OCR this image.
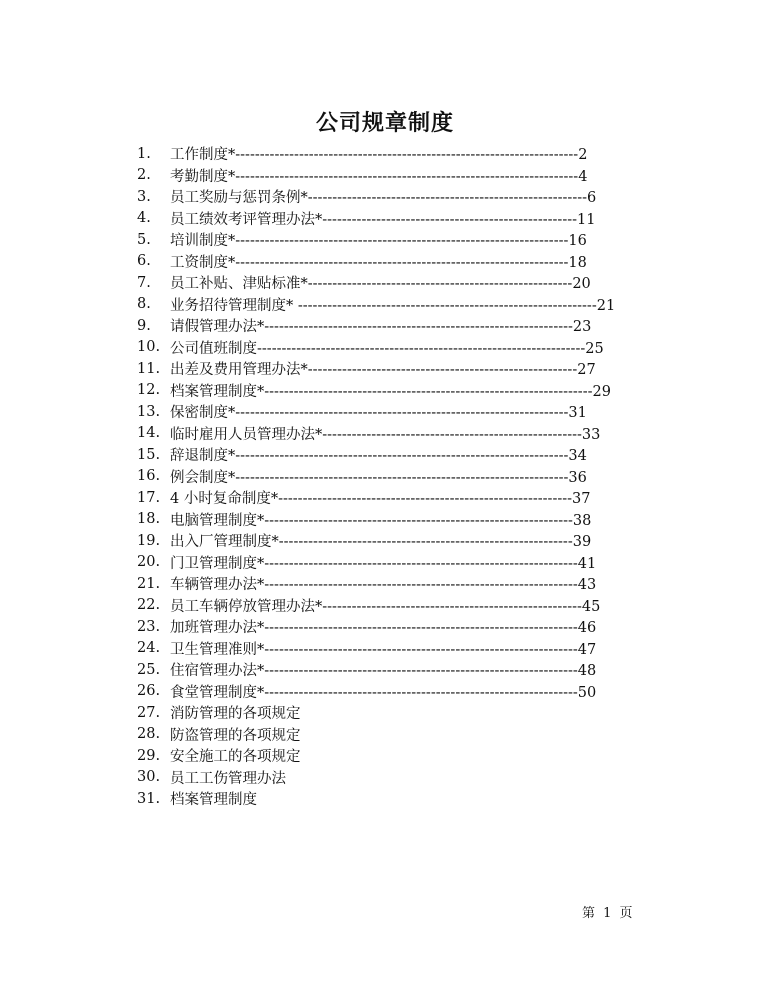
公司规章制度
1.	工作制度*----------------------------------------------------------------------2
2.	考勤制度*----------------------------------------------------------------------4
3.	员工奖励与惩罚条例*---------------------------------------------------------6
4.	员工绩效考评管理办法*----------------------------------------------------11
5.	培训制度*--------------------------------------------------------------------16
6.	工资制度*--------------------------------------------------------------------18
7.	员工补贴、津贴标准*------------------------------------------------------20
8.	业务招待管理制度* -------------------------------------------------------------21
9.	请假管理办法*---------------------------------------------------------------23
10. 公司值班制度-------------------------------------------------------------------25
11. 出差及费用管理办法*-------------------------------------------------------27
12. 档案管理制度*-------------------------------------------------------------------29
13. 保密制度*--------------------------------------------------------------------31
14. 临时雇用人员管理办法*-----------------------------------------------------33
15. 辞退制度*--------------------------------------------------------------------34
16. 例会制度*--------------------------------------------------------------------36
17. 4 小时复命制度*------------------------------------------------------------37
18. 电脑管理制度*---------------------------------------------------------------38
19. 出入厂管理制度*------------------------------------------------------------39
20. 门卫管理制度*----------------------------------------------------------------41
21. 车辆管理办法*----------------------------------------------------------------43
22. 员工车辆停放管理办法*-----------------------------------------------------45
23. 加班管理办法*----------------------------------------------------------------46
24. 卫生管理准则*----------------------------------------------------------------47
25. 住宿管理办法*----------------------------------------------------------------48
26. 食堂管理制度*----------------------------------------------------------------50
27. 消防管理的各项规定
28. 防盗管理的各项规定
29. 安全施工的各项规定
30. 员工工伤管理办法
31. 档案管理制度
第 1 页
